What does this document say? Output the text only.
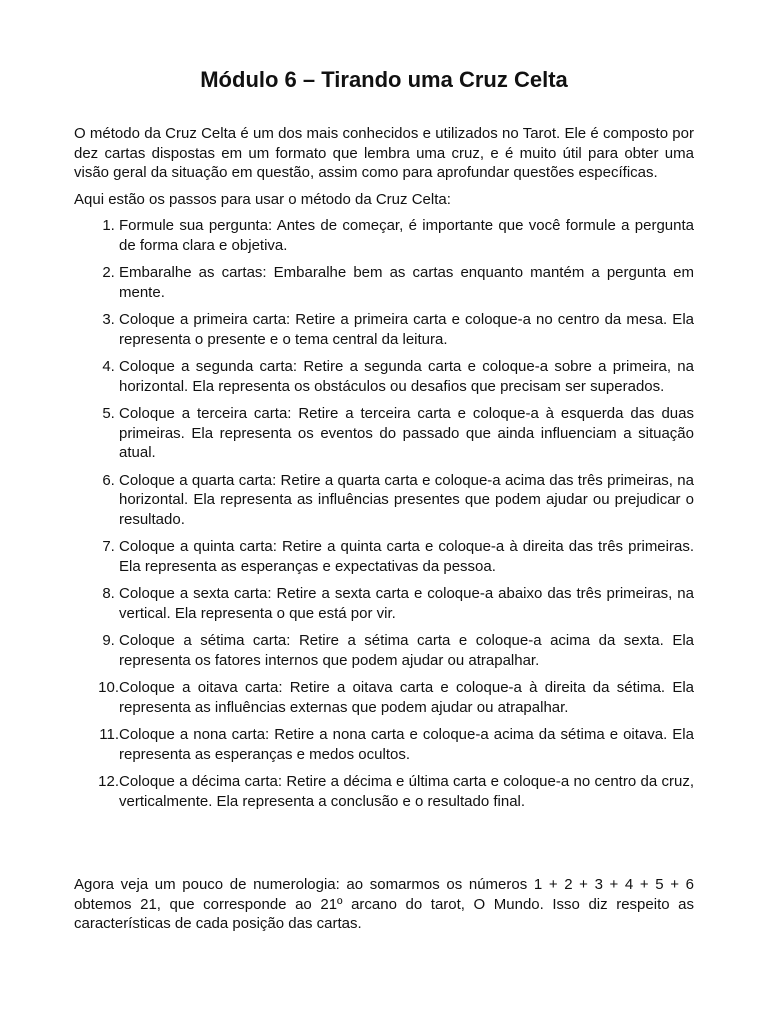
Módulo 6 – Tirando uma Cruz Celta

O método da Cruz Celta é um dos mais conhecidos e utilizados no Tarot. Ele é composto por dez cartas dispostas em um formato que lembra uma cruz, e é muito útil para obter uma visão geral da situação em questão, assim como para aprofundar questões específicas.

Aqui estão os passos para usar o método da Cruz Celta:

1. Formule sua pergunta: Antes de começar, é importante que você formule a pergunta de forma clara e objetiva.
2. Embaralhe as cartas: Embaralhe bem as cartas enquanto mantém a pergunta em mente.
3. Coloque a primeira carta: Retire a primeira carta e coloque-a no centro da mesa. Ela representa o presente e o tema central da leitura.
4. Coloque a segunda carta: Retire a segunda carta e coloque-a sobre a primeira, na horizontal. Ela representa os obstáculos ou desafios que precisam ser superados.
5. Coloque a terceira carta: Retire a terceira carta e coloque-a à esquerda das duas primeiras. Ela representa os eventos do passado que ainda influenciam a situação atual.
6. Coloque a quarta carta: Retire a quarta carta e coloque-a acima das três primeiras, na horizontal. Ela representa as influências presentes que podem ajudar ou prejudicar o resultado.
7. Coloque a quinta carta: Retire a quinta carta e coloque-a à direita das três primeiras. Ela representa as esperanças e expectativas da pessoa.
8. Coloque a sexta carta: Retire a sexta carta e coloque-a abaixo das três primeiras, na vertical. Ela representa o que está por vir.
9. Coloque a sétima carta: Retire a sétima carta e coloque-a acima da sexta. Ela representa os fatores internos que podem ajudar ou atrapalhar.
10. Coloque a oitava carta: Retire a oitava carta e coloque-a à direita da sétima. Ela representa as influências externas que podem ajudar ou atrapalhar.
11. Coloque a nona carta: Retire a nona carta e coloque-a acima da sétima e oitava. Ela representa as esperanças e medos ocultos.
12. Coloque a décima carta: Retire a décima e última carta e coloque-a no centro da cruz, verticalmente. Ela representa a conclusão e o resultado final.

Agora veja um pouco de numerologia: ao somarmos os números 1 + 2 + 3 + 4 + 5 + 6 obtemos 21, que corresponde ao 21º arcano do tarot, O Mundo. Isso diz respeito as características de cada posição das cartas.
